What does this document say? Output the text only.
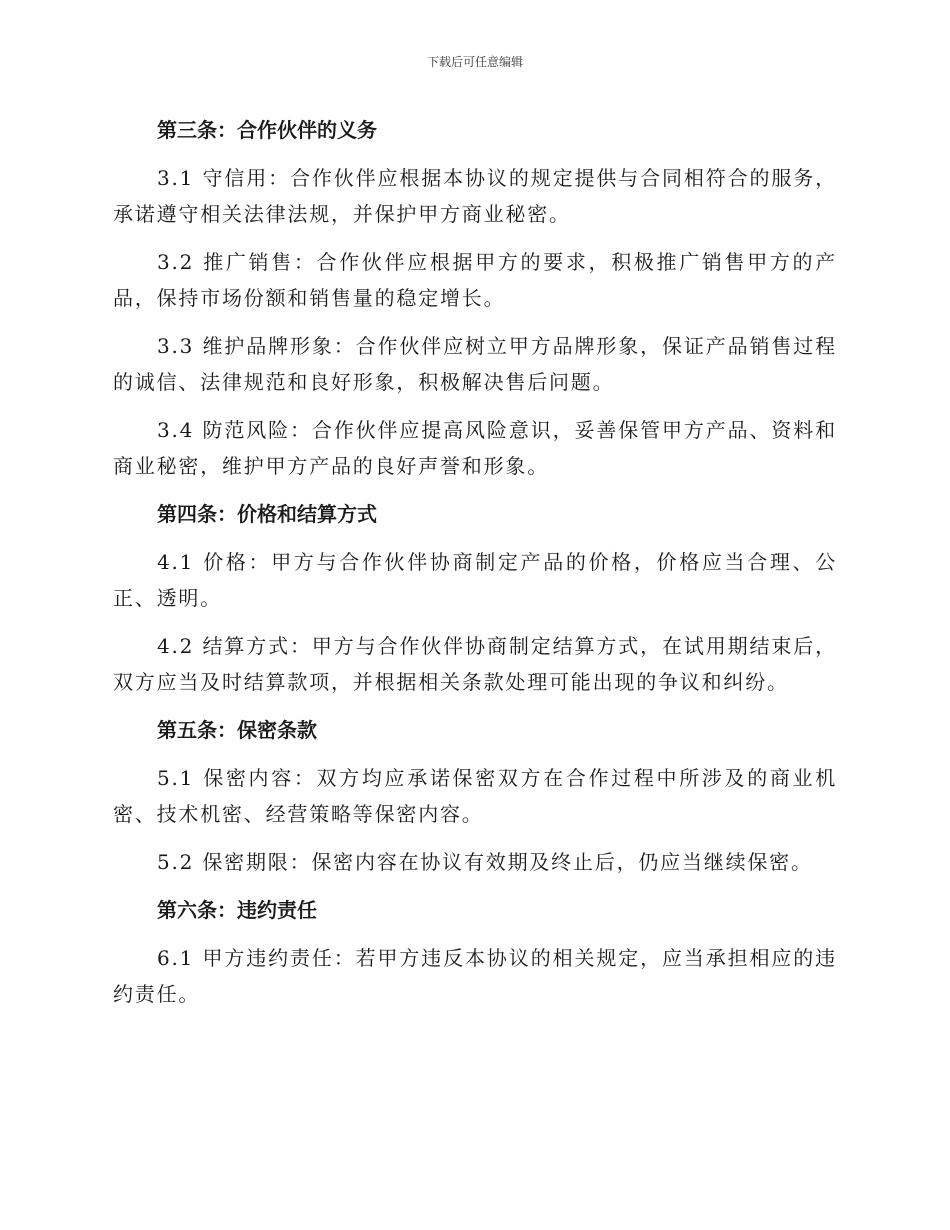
下载后可任意编辑
第三条：合作伙伴的义务

3.1 守信用：合作伙伴应根据本协议的规定提供与合同相符合的服务，承诺遵守相关法律法规，并保护甲方商业秘密。

3.2 推广销售：合作伙伴应根据甲方的要求，积极推广销售甲方的产品，保持市场份额和销售量的稳定增长。

3.3 维护品牌形象：合作伙伴应树立甲方品牌形象，保证产品销售过程的诚信、法律规范和良好形象，积极解决售后问题。

3.4 防范风险：合作伙伴应提高风险意识，妥善保管甲方产品、资料和商业秘密，维护甲方产品的良好声誉和形象。

第四条：价格和结算方式

4.1 价格：甲方与合作伙伴协商制定产品的价格，价格应当合理、公正、透明。

4.2 结算方式：甲方与合作伙伴协商制定结算方式，在试用期结束后，双方应当及时结算款项，并根据相关条款处理可能出现的争议和纠纷。

第五条：保密条款

5.1 保密内容：双方均应承诺保密双方在合作过程中所涉及的商业机密、技术机密、经营策略等保密内容。

5.2 保密期限：保密内容在协议有效期及终止后，仍应当继续保密。

第六条：违约责任

6.1 甲方违约责任：若甲方违反本协议的相关规定，应当承担相应的违约责任。
